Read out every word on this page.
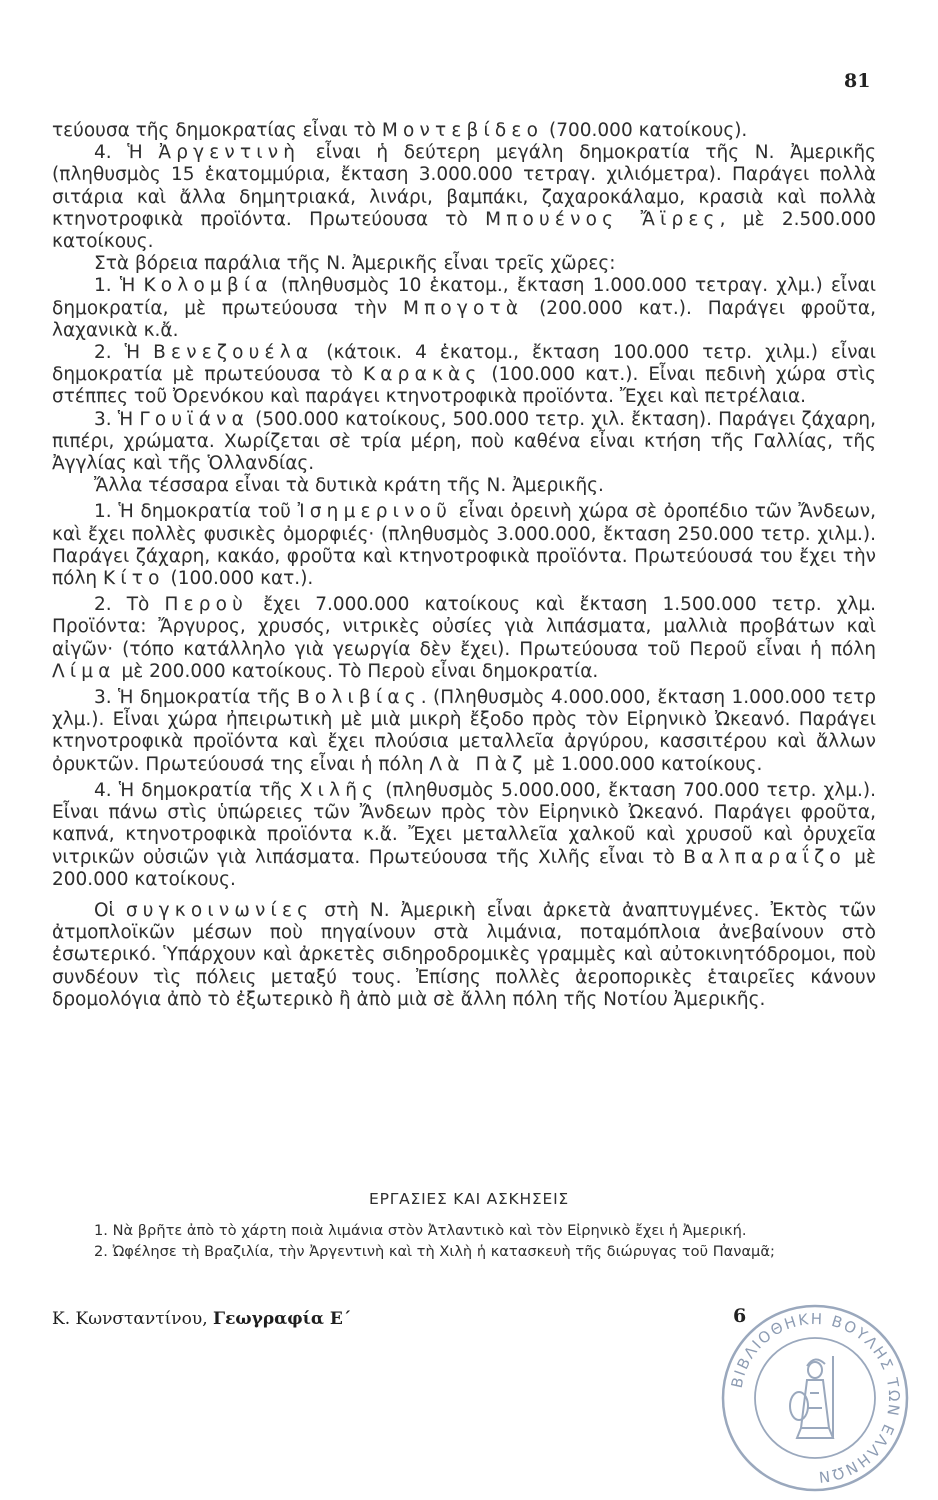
81

τεύουσα τῆς δημοκρατίας εἶναι τὸ Μοντεβίδεο (700.000 κατοίκους).

4. Ἡ Ἀργεντινὴ εἶναι ἡ δεύτερη μεγάλη δημοκρατία τῆς Ν. Ἀμερικῆς (πληθυσμὸς 15 ἑκατομμύρια, ἔκταση 3.000.000 τετραγ. χιλιόμετρα). Παράγει πολλὰ σιτάρια καὶ ἄλλα δημητριακά, λινάρι, βαμπάκι, ζαχαροκάλαμο, κρασιὰ καὶ πολλὰ κτηνοτροφικὰ προϊόντα. Πρωτεύουσα τὸ Μπουένος Ἄϊρες, μὲ 2.500.000 κατοίκους.

Στὰ βόρεια παράλια τῆς Ν. Ἀμερικῆς εἶναι τρεῖς χῶρες:

1. Ἡ Κολομβία (πληθυσμὸς 10 ἑκατομ., ἔκταση 1.000.000 τετραγ. χλμ.) εἶναι δημοκρατία, μὲ πρωτεύουσα τὴν Μπογοτὰ (200.000 κατ.). Παράγει φροῦτα, λαχανικὰ κ.ἄ.

2. Ἡ Βενεζουέλα (κάτοικ. 4 ἑκατομ., ἔκταση 100.000 τετρ. χιλμ.) εἶναι δημοκρατία μὲ πρωτεύουσα τὸ Καρακὰς (100.000 κατ.). Εἶναι πεδινὴ χώρα στὶς στέππες τοῦ Ὀρενόκου καὶ παράγει κτηνοτροφικὰ προϊόντα. Ἔχει καὶ πετρέλαια.

3. Ἡ Γουϊάνα (500.000 κατοίκους, 500.000 τετρ. χιλ. ἔκταση). Παράγει ζάχαρη, πιπέρι, χρώματα. Χωρίζεται σὲ τρία μέρη, ποὺ καθένα εἶναι κτήση τῆς Γαλλίας, τῆς Ἀγγλίας καὶ τῆς Ὁλλανδίας.

Ἄλλα τέσσαρα εἶναι τὰ δυτικὰ κράτη τῆς Ν. Ἀμερικῆς.

1. Ἡ δημοκρατία τοῦ Ἰσημερινοῦ εἶναι ὀρεινὴ χώρα σὲ ὀροπέδιο τῶν Ἄνδεων, καὶ ἔχει πολλὲς φυσικὲς ὀμορφιές· (πληθυσμὸς 3.000.000, ἔκταση 250.000 τετρ. χιλμ.). Παράγει ζάχαρη, κακάο, φροῦτα καὶ κτηνοτροφικὰ προϊόντα. Πρωτεύουσά του ἔχει τὴν πόλη Κίτο (100.000 κατ.).

2. Τὸ Περοὺ ἔχει 7.000.000 κατοίκους καὶ ἔκταση 1.500.000 τετρ. χλμ. Προϊόντα: Ἄργυρος, χρυσός, νιτρικὲς οὐσίες γιὰ λιπάσματα, μαλλιὰ προβάτων καὶ αἰγῶν· (τόπο κατάλληλο γιὰ γεωργία δὲν ἔχει). Πρωτεύουσα τοῦ Περοῦ εἶναι ἡ πόλη Λίμα μὲ 200.000 κατοίκους. Τὸ Περοὺ εἶναι δημοκρατία.

3. Ἡ δημοκρατία τῆς Βολιβίας. (Πληθυσμὸς 4.000.000, ἔκταση 1.000.000 τετρ χλμ.). Εἶναι χώρα ἠπειρωτικὴ μὲ μιὰ μικρὴ ἔξοδο πρὸς τὸν Εἰρηνικὸ Ὠκεανό. Παράγει κτηνοτροφικὰ προϊόντα καὶ ἔχει πλούσια μεταλλεῖα ἀργύρου, κασσιτέρου καὶ ἄλλων ὀρυκτῶν. Πρωτεύουσά της εἶναι ἡ πόλη Λὰ Πὰζ μὲ 1.000.000 κατοίκους.

4. Ἡ δημοκρατία τῆς Χιλῆς (πληθυσμὸς 5.000.000, ἔκταση 700.000 τετρ. χλμ.). Εἶναι πάνω στὶς ὑπώρειες τῶν Ἄνδεων πρὸς τὸν Εἰρηνικὸ Ὠκεανό. Παράγει φροῦτα, καπνά, κτηνοτροφικὰ προϊόντα κ.ἄ. Ἔχει μεταλλεῖα χαλκοῦ καὶ χρυσοῦ καὶ ὀρυχεῖα νιτρικῶν οὐσιῶν γιὰ λιπάσματα. Πρωτεύουσα τῆς Χιλῆς εἶναι τὸ Βαλπαραΐζο μὲ 200.000 κατοίκους.

Οἱ συγκοινωνίες στὴ Ν. Ἀμερικὴ εἶναι ἀρκετὰ ἀναπτυγμένες. Ἐκτὸς τῶν ἀτμοπλοϊκῶν μέσων ποὺ πηγαίνουν στὰ λιμάνια, ποταμόπλοια ἀνεβαίνουν στὸ ἐσωτερικό. Ὑπάρχουν καὶ ἀρκετὲς σιδηροδρομικὲς γραμμὲς καὶ αὐτοκινητόδρομοι, ποὺ συνδέουν τὶς πόλεις μεταξύ τους. Ἐπίσης πολλὲς ἀεροπορικὲς ἑταιρεῖες κάνουν δρομολόγια ἀπὸ τὸ ἐξωτερικὸ ἢ ἀπὸ μιὰ σὲ ἄλλη πόλη τῆς Νοτίου Ἀμερικῆς.

ΕΡΓΑΣΙΕΣ ΚΑΙ ΑΣΚΗΣΕΙΣ

1. Νὰ βρῆτε ἀπὸ τὸ χάρτη ποιὰ λιμάνια στὸν Ἀτλαντικὸ καὶ τὸν Εἰρηνικὸ ἔχει ἡ Ἀμερική.

2. Ὠφέλησε τὴ Βραζιλία, τὴν Ἀργεντινὴ καὶ τὴ Χιλὴ ἡ κατασκευὴ τῆς διώρυγας τοῦ Παναμᾶ;

Κ. Κωνσταντίνου, Γεωγραφία Ε΄	6
ΒΙΒΛΙΟΘΗΚΗ ΒΟΥΛΗΣ ΤΩΝ ΕΛΛΗΝΩΝ
